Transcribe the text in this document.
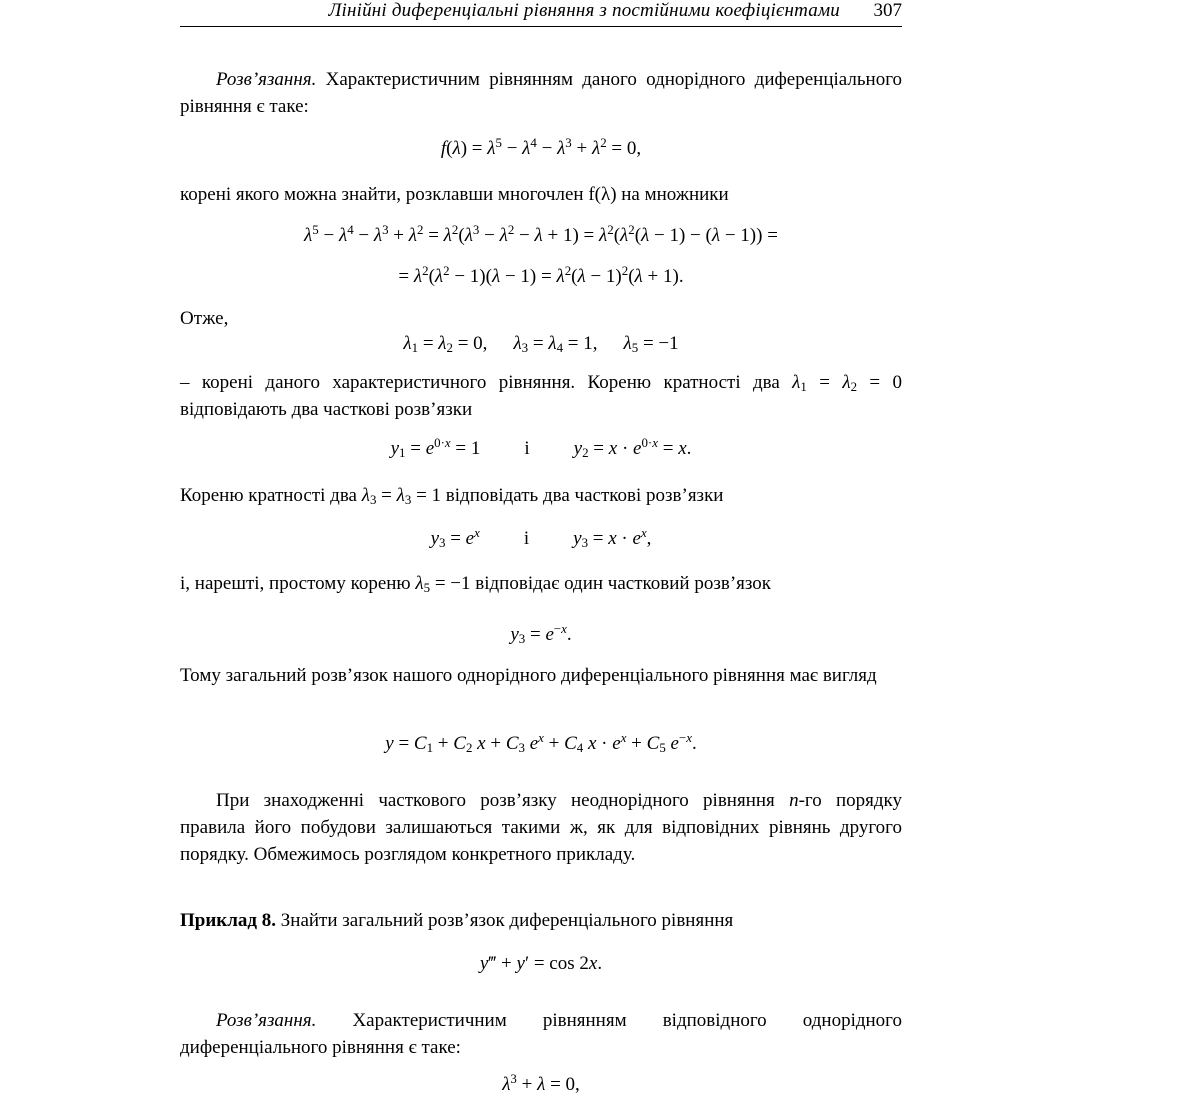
Лінійні диференціальні рівняння з постійними коефіцієнтами 307
Розв’язання. Характеристичним рівнянням даного однорідного диференціального рівняння є таке:
$f(\lambda) = \lambda^5 - \lambda^4 - \lambda^3 + \lambda^2 = 0$,
корені якого можна знайти, розклавши многочлен f(λ) на множники
$\lambda^5 - \lambda^4 - \lambda^3 + \lambda^2 = \lambda^2(\lambda^3 - \lambda^2 - \lambda + 1) = \lambda^2(\lambda^2(\lambda - 1) - (\lambda - 1))$ =
= $\lambda^2(\lambda^2 - 1)(\lambda - 1) = \lambda^2(\lambda - 1)^2(\lambda + 1)$.
Отже,
$\lambda_1 = \lambda_2 = 0$, $\lambda_3 = \lambda_4 = 1$, $\lambda_5 = -1$
– корені даного характеристичного рівняння. Кореню кратності два $\lambda_1 = \lambda_2 = 0$ відповідають два часткові розв’язки
$y_1 = e^{0\cdot x} = 1$ і $y_2 = x \cdot e^{0\cdot x} = x$.
Кореню кратності два $\lambda_3 = \lambda_3 = 1$ відповідать два часткові розв’язки
$y_3 = e^x$ і $y_3 = x \cdot e^x$,
і, нарешті, простому кореню $\lambda_5 = -1$ відповідає один частковий розв’язок
$y_3 = e^{-x}$.
Тому загальний розв’язок нашого однорідного диференціального рівняння має вигляд
$y = C_1 + C_2$ $x + C_3$ $e^x + C_4$ $x \cdot e^x + C_5$ $e^{-x}$.
При знаходженні часткового розв’язку неоднорідного рівняння n-го порядку правила його побудови залишаються такими ж, як для відповідних рівнянь другого порядку. Обмежимось розглядом конкретного прикладу.
Приклад 8. Знайти загальний розв’язок диференціального рівняння
y‴ + y′ = cos 2x.
Розв’язання. Характеристичним рівнянням відповідного однорідного диференціального рівняння є таке:
$\lambda^3 + \lambda = 0$,
